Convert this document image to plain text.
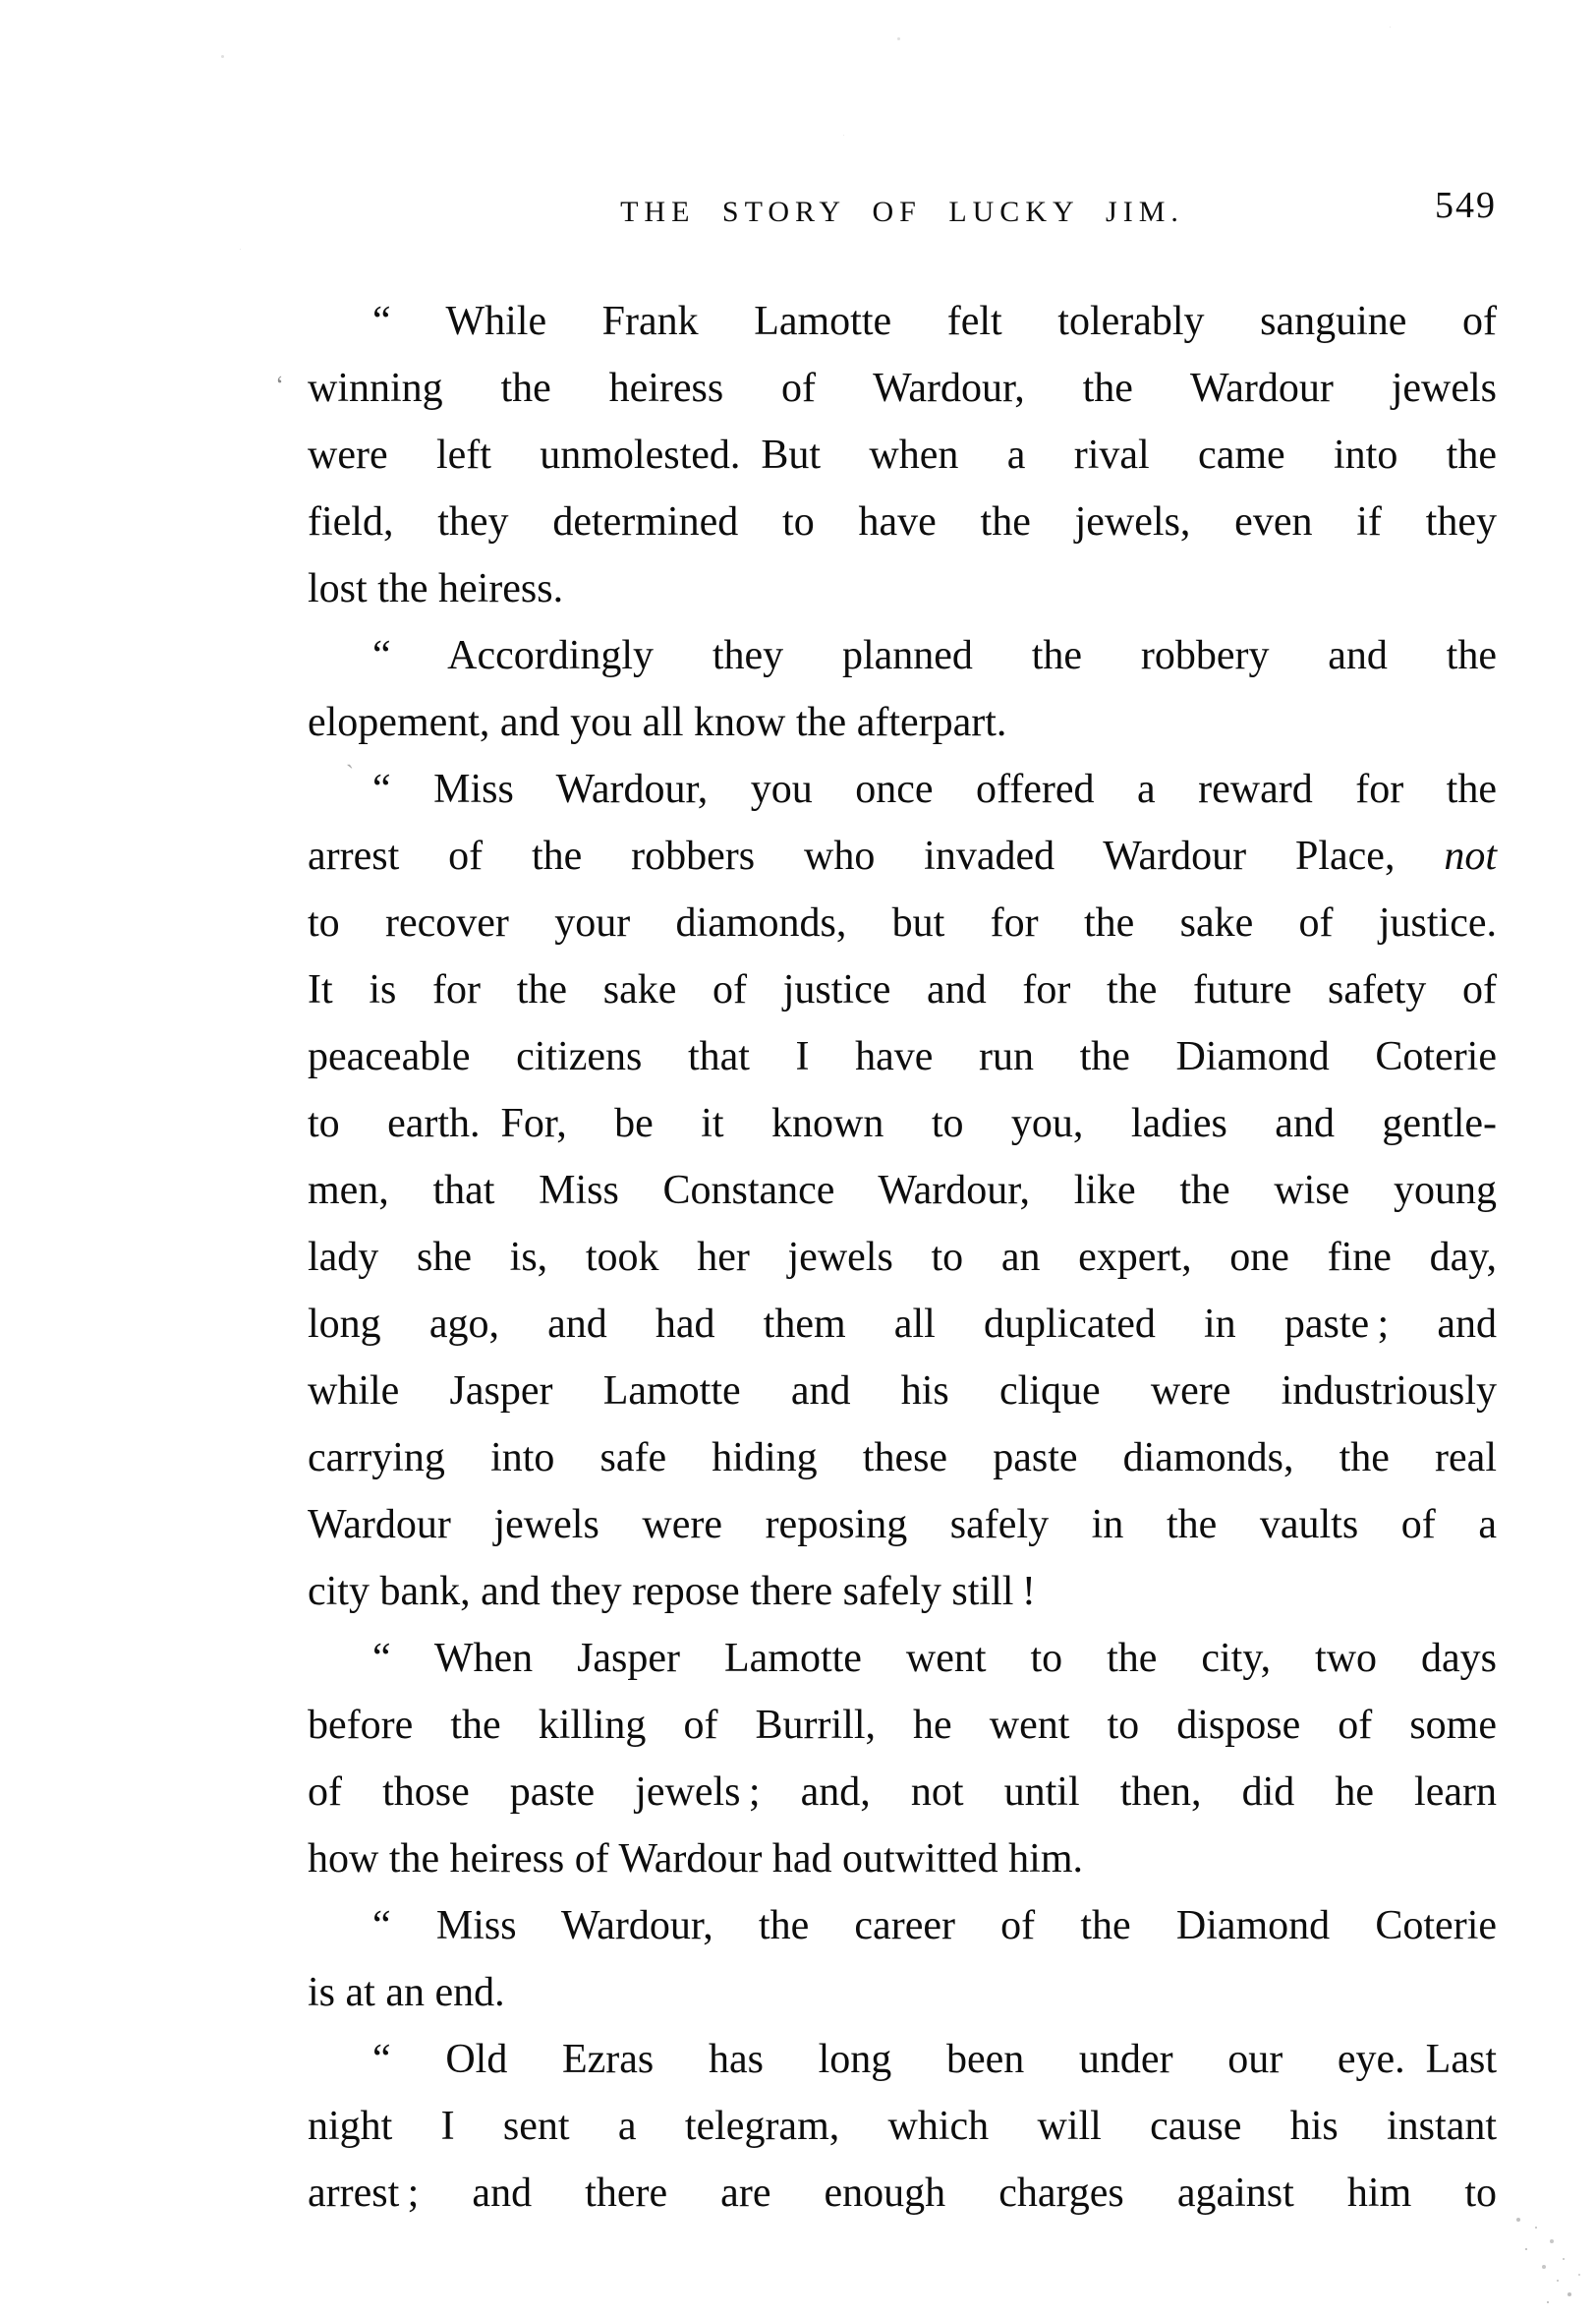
THE STORY OF LUCKY JIM.	549
“ While Frank Lamotte felt tolerably sanguine of
winning the heiress of Wardour, the Wardour jewels
were left unmolested. But when a rival came into the
field, they determined to have the jewels, even if they
lost the heiress.
“ Accordingly they planned the robbery and the
elopement, and you all know the afterpart.
“ Miss Wardour, you once offered a reward for the
arrest of the robbers who invaded Wardour Place, not
to recover your diamonds, but for the sake of justice.
It is for the sake of justice and for the future safety of
peaceable citizens that I have run the Diamond Coterie
to earth. For, be it known to you, ladies and gentle-
men, that Miss Constance Wardour, like the wise young
lady she is, took her jewels to an expert, one fine day,
long ago, and had them all duplicated in paste ; and
while Jasper Lamotte and his clique were industriously
carrying into safe hiding these paste diamonds, the real
Wardour jewels were reposing safely in the vaults of a
city bank, and they repose there safely still !
“ When Jasper Lamotte went to the city, two days
before the killing of Burrill, he went to dispose of some
of those paste jewels ; and, not until then, did he learn
how the heiress of Wardour had outwitted him.
“ Miss Wardour, the career of the Diamond Coterie
is at an end.
“ Old Ezras has long been under our eye. Last
night I sent a telegram, which will cause his instant
arrest ; and there are enough charges against him to
‘
`
